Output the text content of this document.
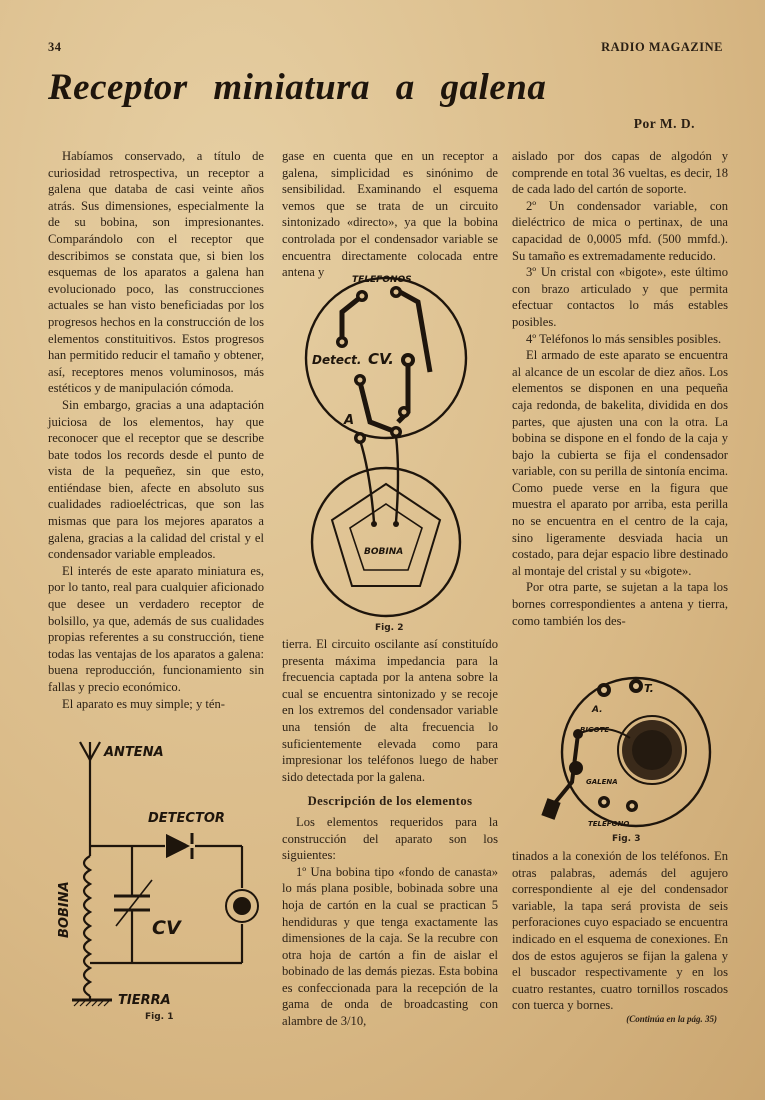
34	RADIO MAGAZINE
Receptor miniatura a galena
Por M. D.

Habíamos conservado, a título de curiosidad retrospectiva, un receptor a galena que databa de casi veinte años atrás. Sus dimensiones, especialmente la de su bobina, son impresionantes. Comparándolo con el receptor que describimos se constata que, si bien los esquemas de los aparatos a galena han evolucionado poco, las construcciones actuales se han visto beneficiadas por los progresos hechos en la construcción de los elementos constituitivos. Estos progresos han permitido reducir el tamaño y obtener, así, receptores menos voluminosos, más estéticos y de manipulación cómoda.

Sin embargo, gracias a una adaptación juiciosa de los elementos, hay que reconocer que el receptor que se describe bate todos los records desde el punto de vista de la pequeñez, sin que esto, entiéndase bien, afecte en absoluto sus cualidades radioeléctricas, que son las mismas que para los mejores aparatos a galena, gracias a la calidad del cristal y el condensador variable empleados.

El interés de este aparato miniatura es, por lo tanto, real para cualquier aficionado que desee un verdadero receptor de bolsillo, ya que, además de sus cualidades propias referentes a su construcción, tiene todas las ventajas de los aparatos a galena: buena reproducción, funcionamiento sin fallas y precio económico.

El aparato es muy simple; y tén-

ANTENA
DETECTOR
BOBINA	CV
TIERRA
Fig. 1

gase en cuenta que en un receptor a galena, simplicidad es sinónimo de sensibilidad. Examinando el esquema vemos que se trata de un circuito sintonizado «directo», ya que la bobina controlada por el condensador variable se encuentra directamente colocada entre antena y

TELEFONOS
Detect. CV.
A
BOBINA
Fig. 2

tierra. El circuito oscilante así constituído presenta máxima impedancia para la frecuencia captada por la antena sobre la cual se encuentra sintonizado y se recoje en los extremos del condensador variable una tensión de alta frecuencia lo suficientemente elevada como para impresionar los teléfonos luego de haber sido detectada por la galena.

Descripción de los elementos

Los elementos requeridos para la construcción del aparato son los siguientes:

1º Una bobina tipo «fondo de canasta» lo más plana posible, bobinada sobre una hoja de cartón en la cual se practican 5 hendiduras y que tenga exactamente las dimensiones de la caja. Se la recubre con otra hoja de cartón a fin de aislar el bobinado de las demás piezas. Esta bobina es confeccionada para la recepción de la gama de onda de broadcasting con alambre de 3/10,

aislado por dos capas de algodón y comprende en total 36 vueltas, es decir, 18 de cada lado del cartón de soporte.

2º Un condensador variable, con dieléctrico de mica o pertinax, de una capacidad de 0,0005 mfd. (500 mmfd.). Su tamaño es extremadamente reducido.

3º Un cristal con «bigote», este último con brazo articulado y que permita efectuar contactos lo más estables posibles.

4º Teléfonos lo más sensibles posibles.

El armado de este aparato se encuentra al alcance de un escolar de diez años. Los elementos se disponen en una pequeña caja redonda, de bakelita, dividida en dos partes, que ajusten una con la otra. La bobina se dispone en el fondo de la caja y bajo la cubierta se fija el condensador variable, con su perilla de sintonía encima. Como puede verse en la figura que muestra el aparato por arriba, esta perilla no se encuentra en el centro de la caja, sino ligeramente desviada hacia un costado, para dejar espacio libre destinado al montaje del cristal y su «bigote».

Por otra parte, se sujetan a la tapa los bornes correspondientes a antena y tierra, como también los des-

A.
T.
BIGOTE
GALENA
TELEFONO
Fig. 3

tinados a la conexión de los teléfonos. En otras palabras, además del agujero correspondiente al eje del condensador variable, la tapa será provista de seis perforaciones cuyo espaciado se encuentra indicado en el esquema de conexiones. En dos de estos agujeros se fijan la galena y el buscador respectivamente y en los cuatro restantes, cuatro tornillos roscados con tuerca y bornes.

(Continúa en la pág. 35)
